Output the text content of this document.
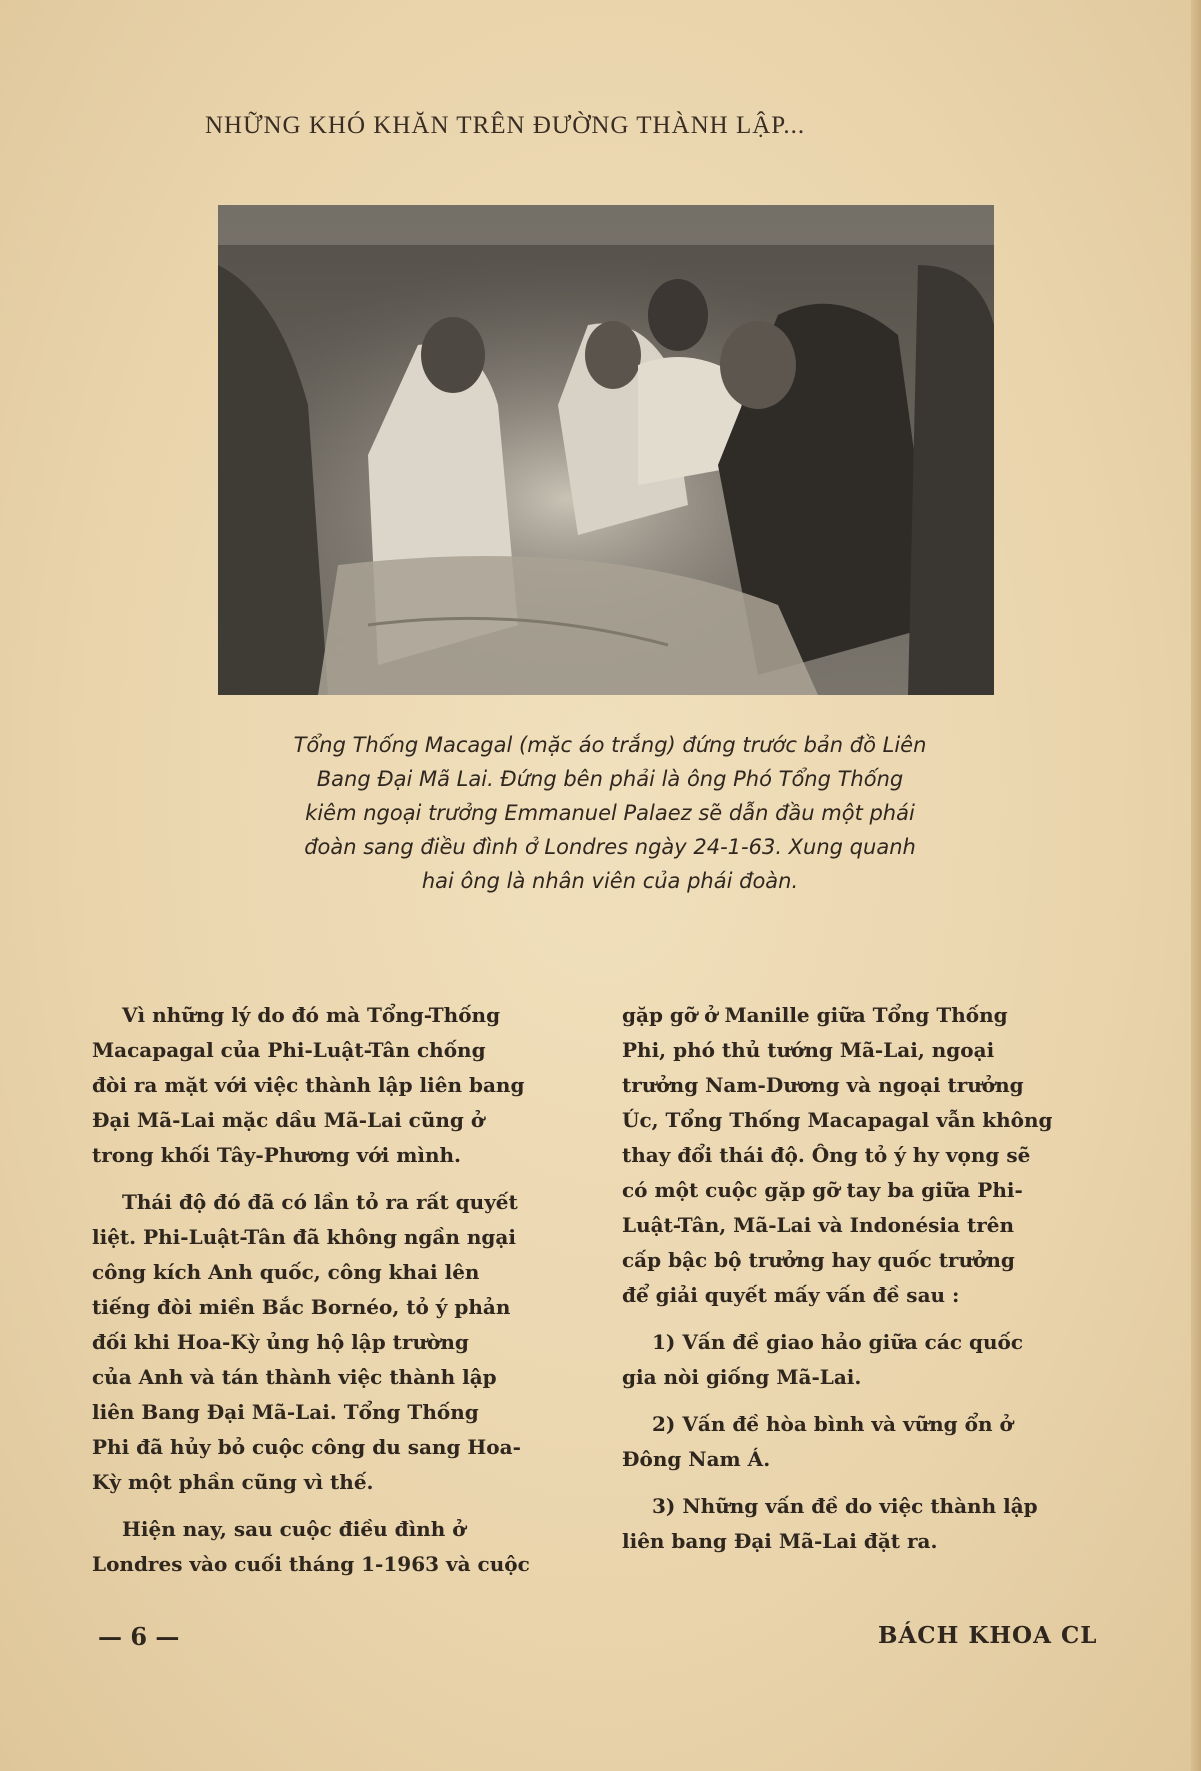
NHỮNG KHÓ KHĂN TRÊN ĐƯỜNG THÀNH LẬP...
Tổng Thống Macagal (mặc áo trắng) đứng trước bản đồ Liên
Bang Đại Mã Lai. Đứng bên phải là ông Phó Tổng Thống
kiêm ngoại trưởng Emmanuel Palaez sẽ dẫn đầu một phái
đoàn sang điều đình ở Londres ngày 24-1-63. Xung quanh
hai ông là nhân viên của phái đoàn.
Vì những lý do đó mà Tổng-Thống
Macapagal của Phi-Luật-Tân chống
đòi ra mặt với việc thành lập liên bang
Đại Mã-Lai mặc dầu Mã-Lai cũng ở
trong khối Tây-Phương với mình.
Thái độ đó đã có lần tỏ ra rất quyết
liệt. Phi-Luật-Tân đã không ngần ngại
công kích Anh quốc, công khai lên
tiếng đòi miền Bắc Bornéo, tỏ ý phản
đối khi Hoa-Kỳ ủng hộ lập trường
của Anh và tán thành việc thành lập
liên Bang Đại Mã-Lai. Tổng Thống
Phi đã hủy bỏ cuộc công du sang Hoa-
Kỳ một phần cũng vì thế.
Hiện nay, sau cuộc điều đình ở
Londres vào cuối tháng 1-1963 và cuộc
gặp gỡ ở Manille giữa Tổng Thống
Phi, phó thủ tướng Mã-Lai, ngoại
trưởng Nam-Dương và ngoại trưởng
Úc, Tổng Thống Macapagal vẫn không
thay đổi thái độ. Ông tỏ ý hy vọng sẽ
có một cuộc gặp gỡ tay ba giữa Phi-
Luật-Tân, Mã-Lai và Indonésia trên
cấp bậc bộ trưởng hay quốc trưởng
để giải quyết mấy vấn đề sau :
1) Vấn đề giao hảo giữa các quốc
gia nòi giống Mã-Lai.
2) Vấn đề hòa bình và vững ổn ở
Đông Nam Á.
3) Những vấn đề do việc thành lập
liên bang Đại Mã-Lai đặt ra.
— 6 —	BÁCH KHOA CL
